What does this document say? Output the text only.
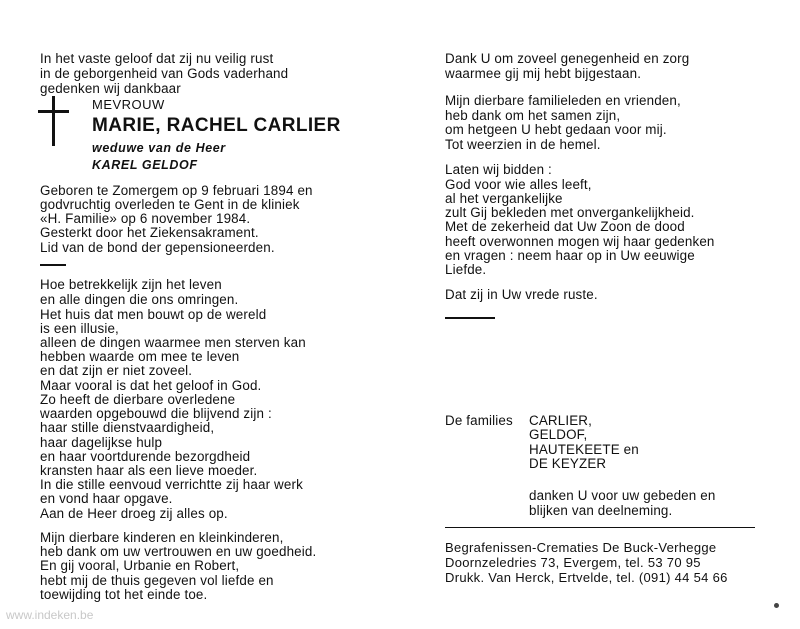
In het vaste geloof dat zij nu veilig rust
in de geborgenheid van Gods vaderhand
gedenken wij dankbaar
MEVROUW
MARIE, RACHEL CARLIER
weduwe van de Heer
KAREL GELDOF
Geboren te Zomergem op 9 februari 1894 en
godvruchtig overleden te Gent in de kliniek
«H. Familie» op 6 november 1984.
Gesterkt door het Ziekensakrament.
Lid van de bond der gepensioneerden.
Hoe betrekkelijk zijn het leven
en alle dingen die ons omringen.
Het huis dat men bouwt op de wereld
is een illusie,
alleen de dingen waarmee men sterven kan
hebben waarde om mee te leven
en dat zijn er niet zoveel.
Maar vooral is dat het geloof in God.
Zo heeft de dierbare overledene
waarden opgebouwd die blijvend zijn :
haar stille dienstvaardigheid,
haar dagelijkse hulp
en haar voortdurende bezorgdheid
kransten haar als een lieve moeder.
In die stille eenvoud verrichtte zij haar werk
en vond haar opgave.
Aan de Heer droeg zij alles op.
Mijn dierbare kinderen en kleinkinderen,
heb dank om uw vertrouwen en uw goedheid.
En gij vooral, Urbanie en Robert,
hebt mij de thuis gegeven vol liefde en
toewijding tot het einde toe.
Dank U om zoveel genegenheid en zorg
waarmee gij mij hebt bijgestaan.
Mijn dierbare familieleden en vrienden,
heb dank om het samen zijn,
om hetgeen U hebt gedaan voor mij.
Tot weerzien in de hemel.
Laten wij bidden :
God voor wie alles leeft,
al het vergankelijke
zult Gij bekleden met onvergankelijkheid.
Met de zekerheid dat Uw Zoon de dood
heeft overwonnen mogen wij haar gedenken
en vragen : neem haar op in Uw eeuwige
Liefde.
Dat zij in Uw vrede ruste.
De families CARLIER,
GELDOF,
HAUTEKEETE en
DE KEYZER
danken U voor uw gebeden en
blijken van deelneming.
Begrafenissen-Crematies De Buck-Verhegge
Doornzeledries 73, Evergem, tel. 53 70 95
Drukk. Van Herck, Ertvelde, tel. (091) 44 54 66
www.indeken.be
